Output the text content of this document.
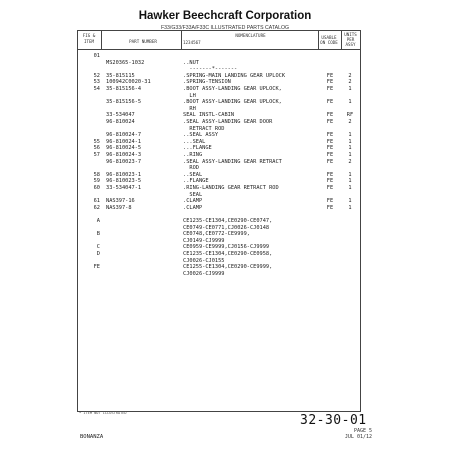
Hawker Beechcraft Corporation
F33/G33/F33A/F33C ILLUSTRATED PARTS CATALOG
FIG &
ITEM	PART NUMBER
NOMENCLATURE
1234567
USABLE
ON CODE
UNITS
PER
ASSY
01
MS20365-1032	..NUT
-------*-------
52 35-815115	.SPRING-MAIN LANDING GEAR UPLOCK	FE	2
53 100942C0020-31	.SPRING-TENSION	FE	2
54 35-815156-4	.BOOT ASSY-LANDING GEAR UPLOCK,	FE	1
LH
35-815156-5	.BOOT ASSY-LANDING GEAR UPLOCK,	FE	1
RH
33-534047	SEAL INSTL-CABIN	FE	RF
96-810024	.SEAL ASSY-LANDING GEAR DOOR	FE	2
RETRACT ROD
96-810024-7	..SEAL ASSY	FE	1
55 96-810024-1	...SEAL	FE	1
56 96-810024-5	...FLANGE	FE	1
57 96-810024-3	..RING	FE	1
96-810023-7	.SEAL ASSY-LANDING GEAR RETRACT	FE	2
ROD
58 96-810023-1	..SEAL	FE	1
59 96-810023-5	..FLANGE	FE	1
60 33-534047-1	.RING-LANDING GEAR RETRACT ROD	FE	1
SEAL
61 NAS397-16	.CLAMP	FE	1
62 NAS397-8	.CLAMP	FE	1
A	CE1235-CE1304,CE0290-CE0747,
CE0749-CE0771,CJ0026-CJ0148
B	CE0748,CE0772-CE9999,
CJ0149-CJ9999
C	CE0959-CE9999,CJ0156-CJ9999
D	CE1235-CE1304,CE0290-CE0958,
CJ0026-CJ0155
FE	CE1255-CE1304,CE0290-CE9999,
CJ0026-CJ9999
* ITEM NOT ILLUSTRATED	32-30-01
PAGE 5
JUL 01/12
BONANZA
